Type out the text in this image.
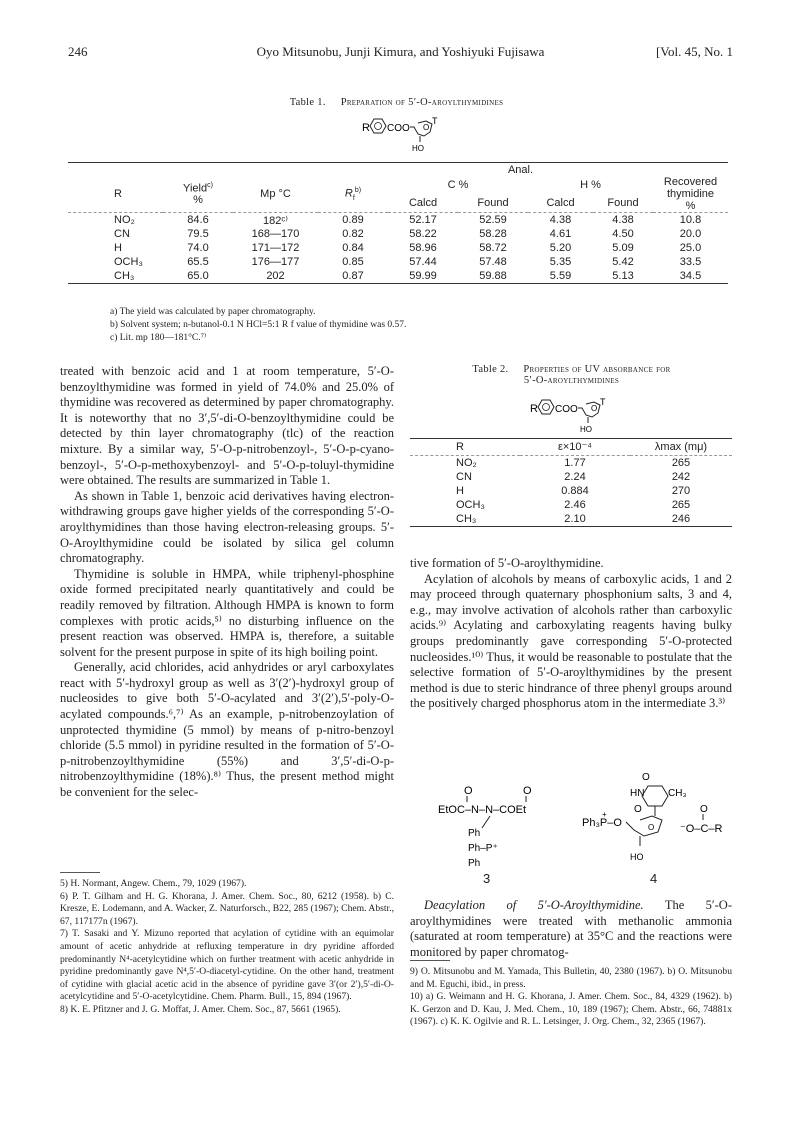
246	Oyo Mitsunobu, Junji Kimura, and Yoshiyuki Fujisawa	[Vol. 45, No. 1
Table 1. Preparation of 5′-O-aroylthymidines
R COO O
T
HO

				Anal.				
R	Yield$^{c)}$
%	Mp °C	$R_f^{b)}$	C %		H %		Recovered
thymidine
%
				Calcd	Found	Calcd	Found	

NO₂	84.6	182ᶜ⁾	0.89	52.17	52.59	4.38	4.38	10.8
CN	79.5	168—170	0.82	58.22	58.28	4.61	4.50	20.0
H	74.0	171—172	0.84	58.96	58.72	5.20	5.09	25.0
OCH₃	65.5	176—177	0.85	57.44	57.48	5.35	5.42	33.5
CH₃	65.0	202	0.87	59.99	59.88	5.59	5.13	34.5

a) The yield was calculated by paper chromatography.
b) Solvent system; n-butanol-0.1 N HCl=5:1 R f value of thymidine was 0.57.
c) Lit. mp 180—181°C.⁷⁾

treated with benzoic acid and 1 at room temperature, 5′-O-benzoylthymidine was formed in yield of 74.0% and 25.0% of thymidine was recovered as determined by paper chromatography. It is noteworthy that no 3′,5′-di-O-benzoylthymidine could be detected by thin layer chromatography (tlc) of the reaction mixture. By a similar way, 5′-O-p-nitrobenzoyl-, 5′-O-p-cyano-benzoyl-, 5′-O-p-methoxybenzoyl- and 5′-O-p-toluyl-thymidine were obtained. The results are summarized in Table 1.

As shown in Table 1, benzoic acid derivatives having electron-withdrawing groups gave higher yields of the corresponding 5′-O-aroylthymidines than those having electron-releasing groups. 5′-O-Aroylthymidine could be isolated by silica gel column chromatography.

Thymidine is soluble in HMPA, while triphenyl-phosphine oxide formed precipitated nearly quantitatively and could be readily removed by filtration. Although HMPA is known to form complexes with protic acids,⁵⁾ no disturbing influence on the present reaction was observed. HMPA is, therefore, a suitable solvent for the present purpose in spite of its high boiling point.

Generally, acid chlorides, acid anhydrides or aryl carboxylates react with 5′-hydroxyl group as well as 3′(2′)-hydroxyl group of nucleosides to give both 5′-O-acylated and 3′(2′),5′-poly-O-acylated compounds.⁶,⁷⁾ As an example, p-nitrobenzoylation of unprotected thymidine (5 mmol) by means of p-nitro-benzoyl chloride (5.5 mmol) in pyridine resulted in the formation of 5′-O-p-nitrobenzoylthymidine (55%) and 3′,5′-di-O-p-nitrobenzoylthymidine (18%).⁸⁾ Thus, the present method might be convenient for the selec-

5) H. Normant, Angew. Chem., 79, 1029 (1967).

6) P. T. Gilham and H. G. Khorana, J. Amer. Chem. Soc., 80, 6212 (1958). b) C. Kresze, E. Lodemann, and A. Wacker, Z. Naturforsch., B22, 285 (1967); Chem. Abstr., 67, 117177n (1967).

7) T. Sasaki and Y. Mizuno reported that acylation of cytidine with an equimolar amount of acetic anhydride at refluxing temperature in dry pyridine afforded predominantly N⁴-acetylcytidine which on further treatment with acetic anhydride in pyridine predominantly gave N⁴,5′-O-diacetyl-cytidine. On the other hand, treatment of cytidine with glacial acetic acid in the absence of pyridine gave 3′(or 2′),5′-di-O-acetylcytidine and 5′-O-acetylcytidine. Chem. Pharm. Bull., 15, 894 (1967).

8) K. E. Pfitzner and J. G. Moffat, J. Amer. Chem. Soc., 87, 5661 (1965).

Table 2. Properties of UV absorbance for
5′-O-aroylthymidines
R COO O
T
HO

R	ε×10⁻⁴	λmax (mμ)

NO₂	1.77	265
CN	2.24	242
H	0.884	270
OCH₃	2.46	265
CH₃	2.10	246

tive formation of 5′-O-aroylthymidine.

Acylation of alcohols by means of carboxylic acids, 1 and 2 may proceed through quaternary phosphonium salts, 3 and 4, e.g., may involve activation of alcohols rather than carboxylic acids.⁹⁾ Acylating and carboxylating reagents having bulky groups predominantly gave corresponding 5′-O-protected nucleosides.¹⁰⁾ Thus, it would be reasonable to postulate that the selective formation of 5′-O-aroylthymidines by the present method is due to steric hindrance of three phenyl groups around the positively charged phosphorus atom in the intermediate 3.³⁾

O	O
EtOC–N–N–COEt
Ph
Ph–P⁺
Ph
3
O
HN CH₃
O
Ph₃P–O
+
O
HO
O
⁻O–C–R
4

Deacylation of 5′-O-Aroylthymidine. The 5′-O-aroylthymidines were treated with methanolic ammonia (saturated at room temperature) at 35°C and the reactions were monitored by paper chromatog-

9) O. Mitsunobu and M. Yamada, This Bulletin, 40, 2380 (1967). b) O. Mitsunobu and M. Eguchi, ibid., in press.

10) a) G. Weimann and H. G. Khorana, J. Amer. Chem. Soc., 84, 4329 (1962). b) K. Gerzon and D. Kau, J. Med. Chem., 10, 189 (1967); Chem. Abstr., 66, 74881x (1967). c) K. K. Ogilvie and R. L. Letsinger, J. Org. Chem., 32, 2365 (1967).
